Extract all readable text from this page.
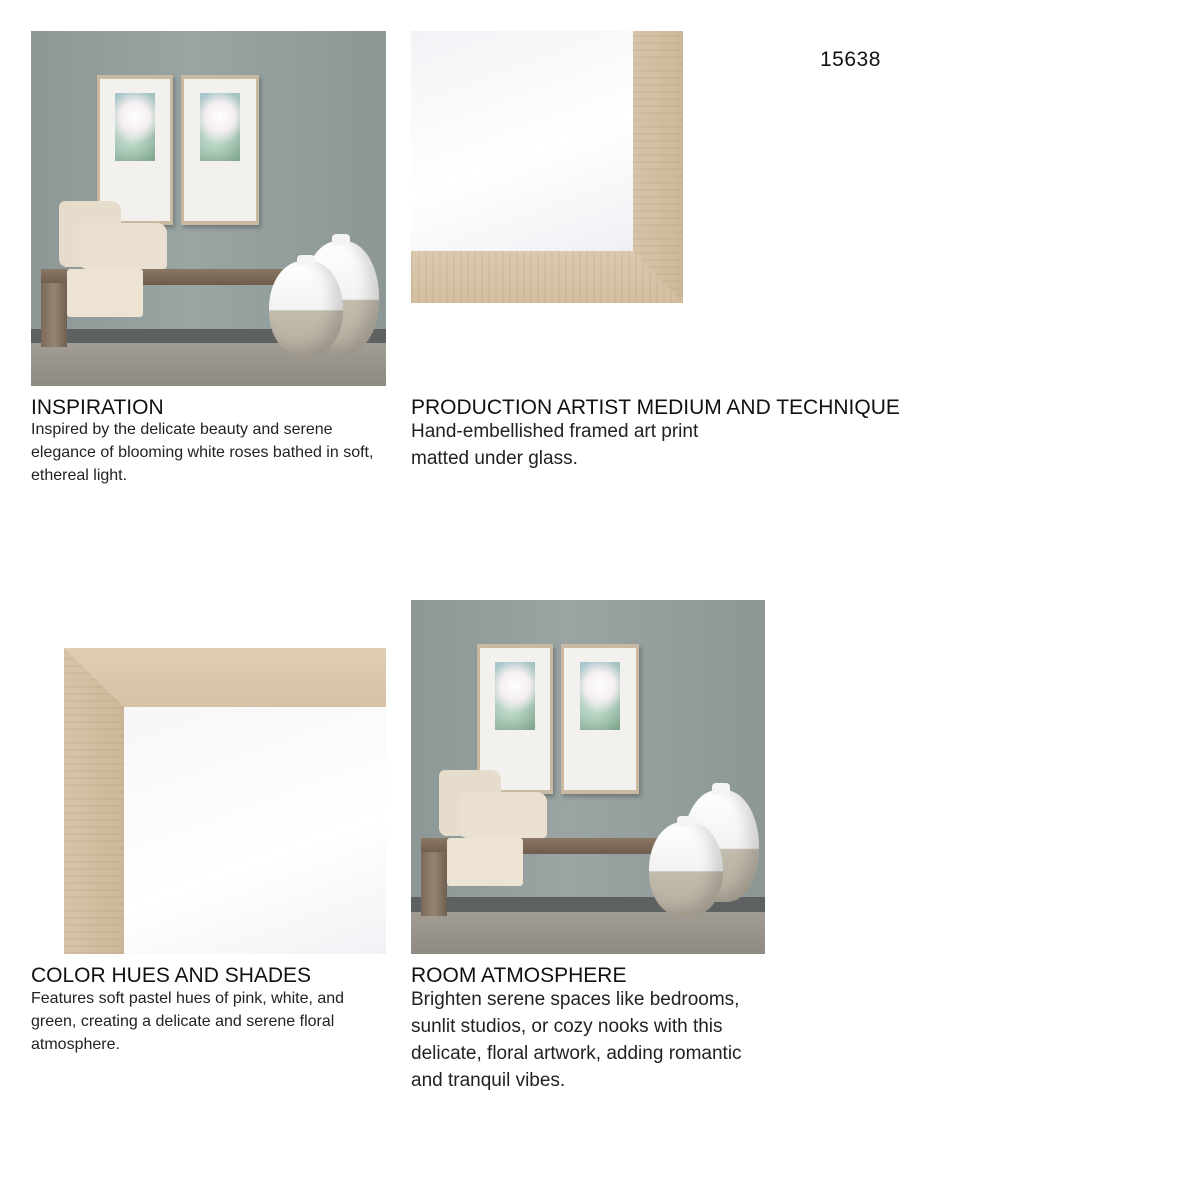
15638
INSPIRATION
Inspired by the delicate beauty and serene elegance of blooming white roses bathed in soft, ethereal light.
PRODUCTION ARTIST MEDIUM AND TECHNIQUE
Hand-embellished framed art print matted under glass.
COLOR HUES AND SHADES
Features soft pastel hues of pink, white, and green, creating a delicate and serene floral atmosphere.
ROOM ATMOSPHERE
Brighten serene spaces like bedrooms, sunlit studios, or cozy nooks with this delicate, floral artwork, adding romantic and tranquil vibes.
